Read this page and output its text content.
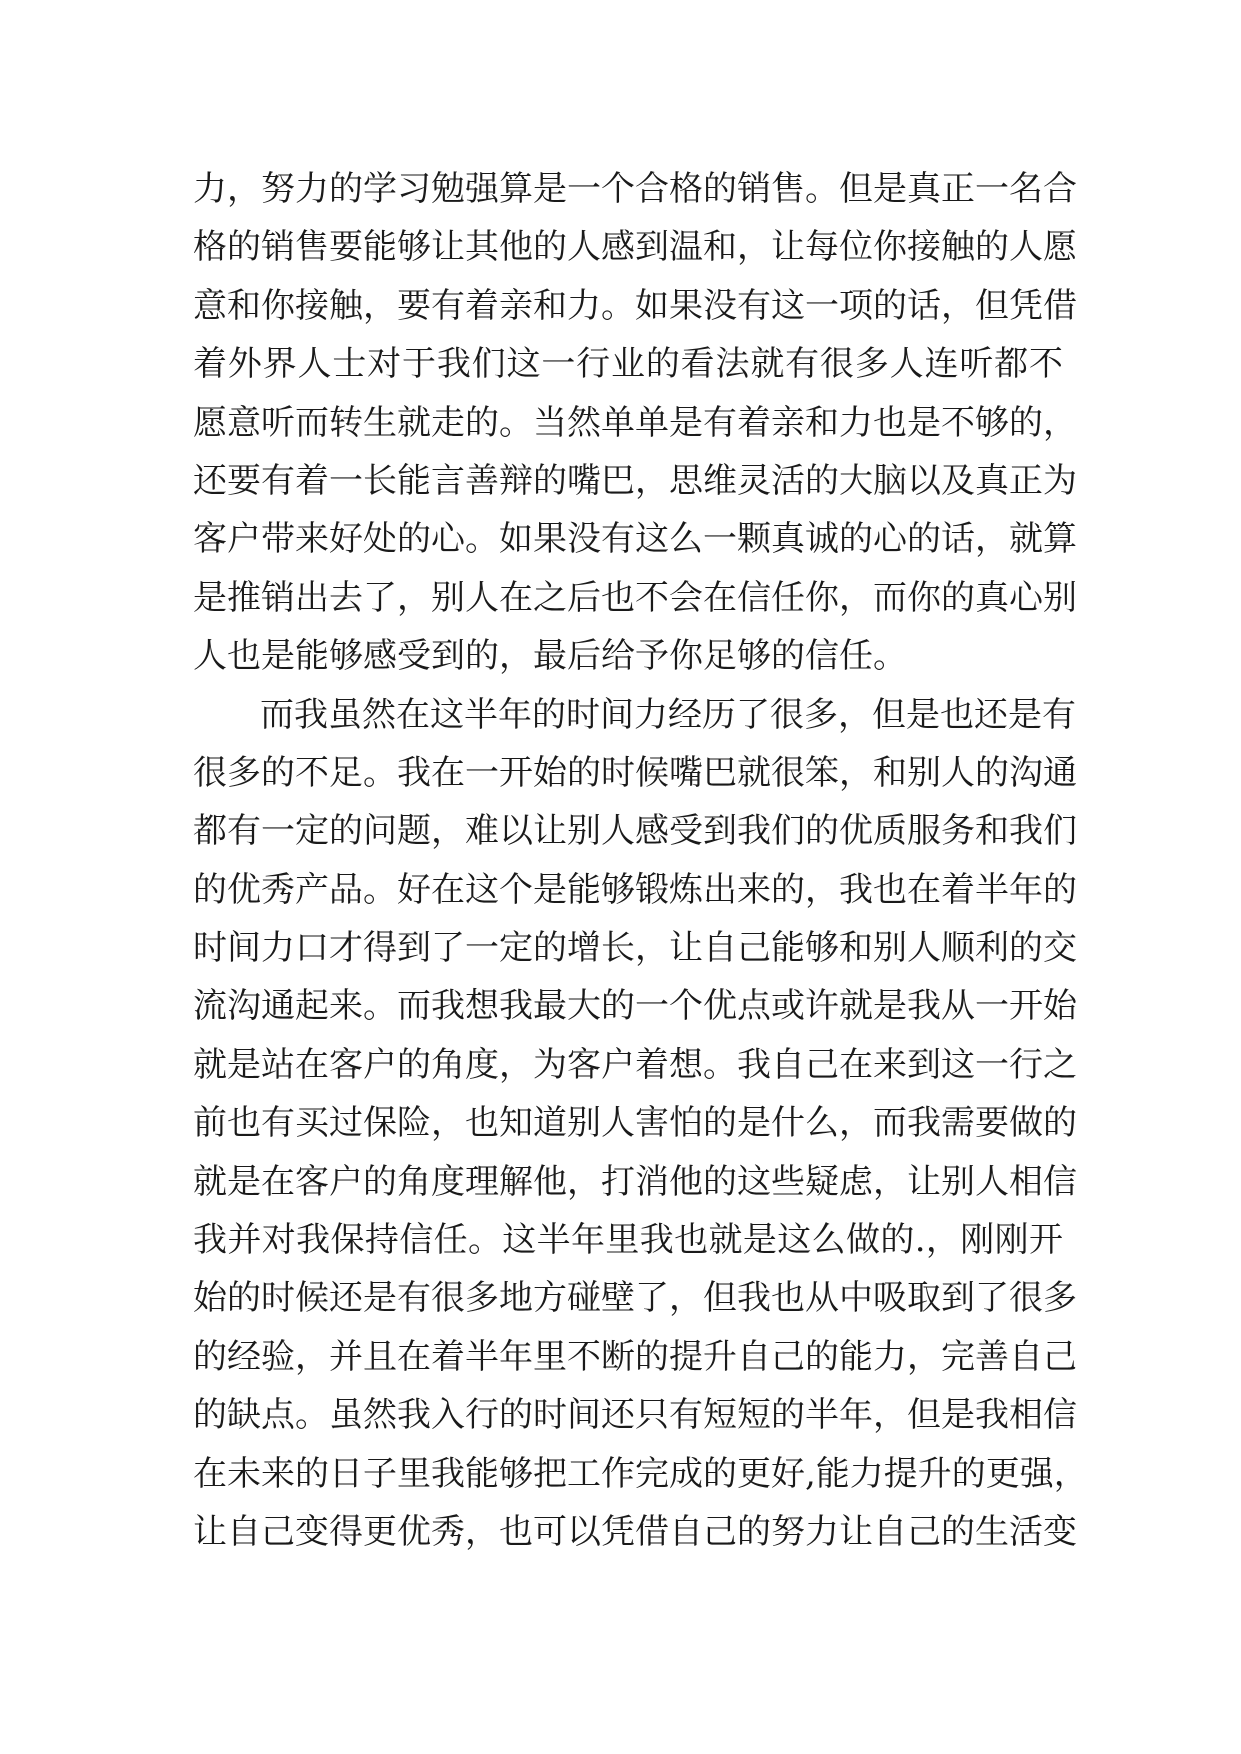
力，努力的学习勉强算是一个合格的销售。但是真正一名合
格的销售要能够让其他的人感到温和，让每位你接触的人愿
意和你接触，要有着亲和力。如果没有这一项的话，但凭借
着外界人士对于我们这一行业的看法就有很多人连听都不
愿意听而转生就走的。当然单单是有着亲和力也是不够的，
还要有着一长能言善辩的嘴巴，思维灵活的大脑以及真正为
客户带来好处的心。如果没有这么一颗真诚的心的话，就算
是推销出去了，别人在之后也不会在信任你，而你的真心别
人也是能够感受到的，最后给予你足够的信任。
而我虽然在这半年的时间力经历了很多，但是也还是有
很多的不足。我在一开始的时候嘴巴就很笨，和别人的沟通
都有一定的问题，难以让别人感受到我们的优质服务和我们
的优秀产品。好在这个是能够锻炼出来的，我也在着半年的
时间力口才得到了一定的增长，让自己能够和别人顺利的交
流沟通起来。而我想我最大的一个优点或许就是我从一开始
就是站在客户的角度，为客户着想。我自己在来到这一行之
前也有买过保险，也知道别人害怕的是什么，而我需要做的
就是在客户的角度理解他，打消他的这些疑虑，让别人相信
我并对我保持信任。这半年里我也就是这么做的.，刚刚开
始的时候还是有很多地方碰壁了，但我也从中吸取到了很多
的经验，并且在着半年里不断的提升自己的能力，完善自己
的缺点。虽然我入行的时间还只有短短的半年，但是我相信
在未来的日子里我能够把工作完成的更好,能力提升的更强，
让自己变得更优秀，也可以凭借自己的努力让自己的生活变
